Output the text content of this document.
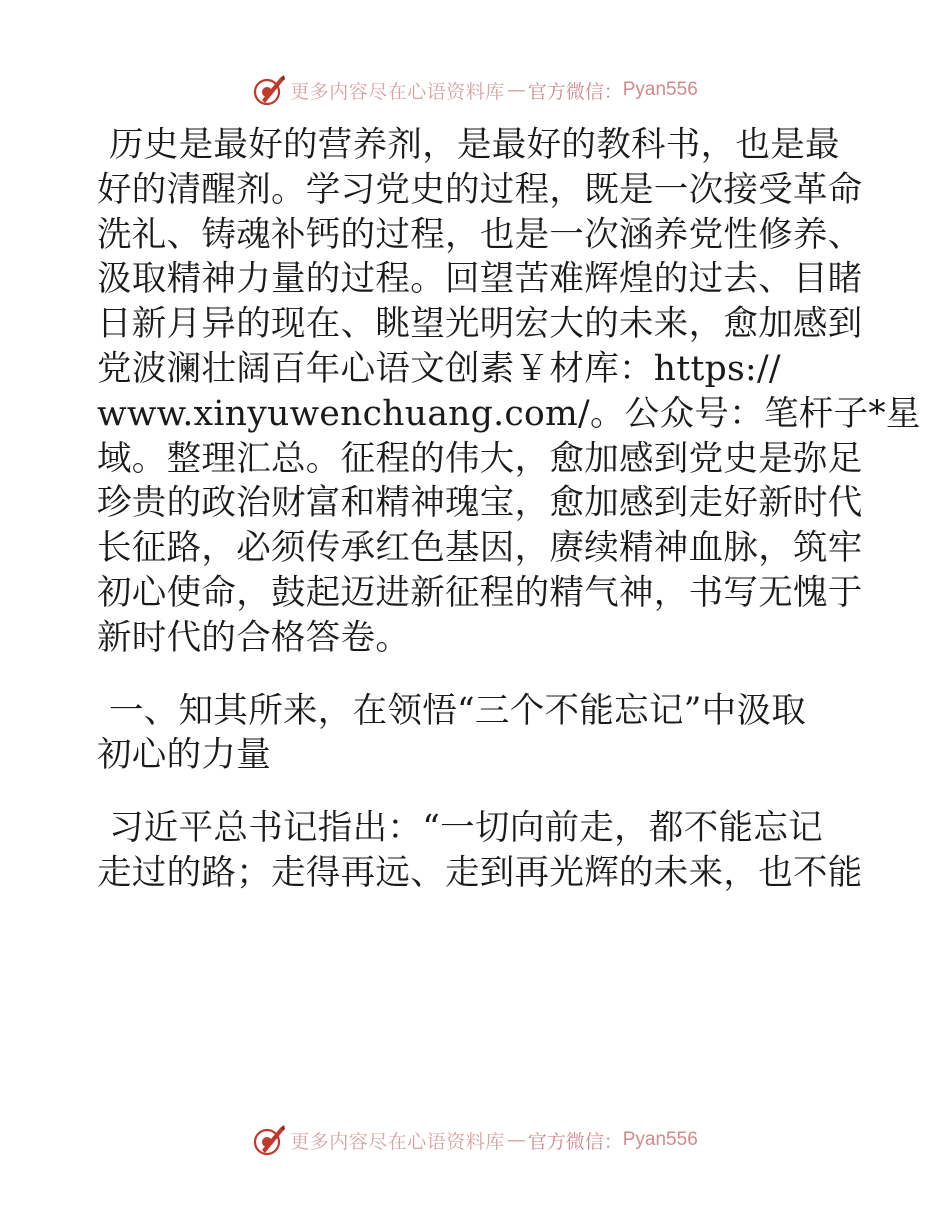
更多内容尽在心语资料库 — 官方微信： Pyan556

历史是最好的营养剂，是最好的教科书，也是最
好的清醒剂。学习党史的过程，既是一次接受革命
洗礼、铸魂补钙的过程，也是一次涵养党性修养、
汲取精神力量的过程。回望苦难辉煌的过去、目睹
日新月异的现在、眺望光明宏大的未来，愈加感到
党波澜壮阔百年心语文创素￥材库：https://
www.xinyuwenchuang.com/。公众号：笔杆子*星
域。整理汇总。征程的伟大，愈加感到党史是弥足
珍贵的政治财富和精神瑰宝，愈加感到走好新时代
长征路，必须传承红色基因，赓续精神血脉，筑牢
初心使命，鼓起迈进新征程的精气神，书写无愧于
新时代的合格答卷。

一、知其所来，在领悟“三个不能忘记”中汲取
初心的力量

习近平总书记指出：“一切向前走，都不能忘记
走过的路；走得再远、走到再光辉的未来，也不能

更多内容尽在心语资料库 — 官方微信： Pyan556
